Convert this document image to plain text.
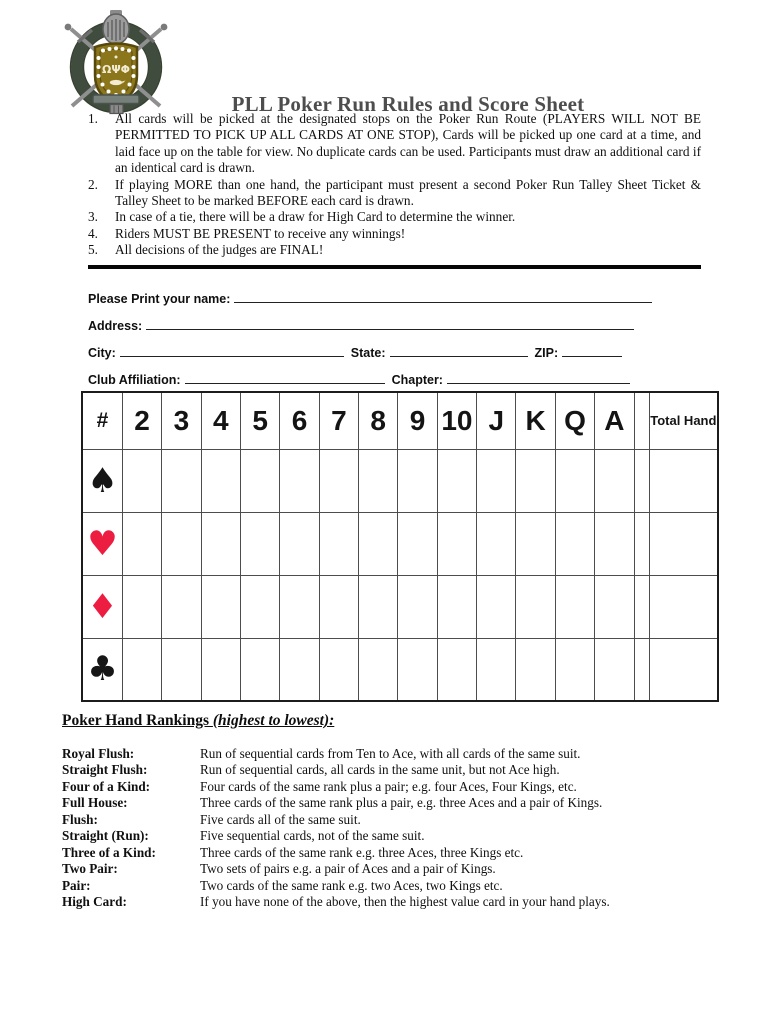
ΩΨΦ
PLL Poker Run Rules and Score Sheet
1.	All cards will be picked at the designated stops on the Poker Run Route (PLAYERS WILL NOT BE PERMITTED TO PICK UP ALL CARDS AT ONE STOP), Cards will be picked up one card at a time, and laid face up on the table for view. No duplicate cards can be used. Participants must draw an additional card if an identical card is drawn.
2.	If playing MORE than one hand, the participant must present a second Poker Run Talley Sheet Ticket & Talley Sheet to be marked BEFORE each card is drawn.
3.	In case of a tie, there will be a draw for High Card to determine the winner.
4.	Riders MUST BE PRESENT to receive any winnings!
5.	All decisions of the judges are FINAL!
Please Print your name:
Address:
City:	State:	ZIP:
Club Affiliation:	Chapter:
#	2	3	4	5	6	7	8	9	10	J	K	Q	A		Total Hand
♠															
♥															
♦															
♣															
Poker Hand Rankings (highest to lowest):
Royal Flush:	Run of sequential cards from Ten to Ace, with all cards of the same suit.
Straight Flush:	Run of sequential cards, all cards in the same unit, but not Ace high.
Four of a Kind:	Four cards of the same rank plus a pair; e.g. four Aces, Four Kings, etc.
Full House:	Three cards of the same rank plus a pair, e.g. three Aces and a pair of Kings.
Flush:	Five cards all of the same suit.
Straight (Run):	Five sequential cards, not of the same suit.
Three of a Kind:	Three cards of the same rank e.g. three Aces, three Kings etc.
Two Pair:	Two sets of pairs e.g. a pair of Aces and a pair of Kings.
Pair:	Two cards of the same rank e.g. two Aces, two Kings etc.
High Card:	If you have none of the above, then the highest value card in your hand plays.
